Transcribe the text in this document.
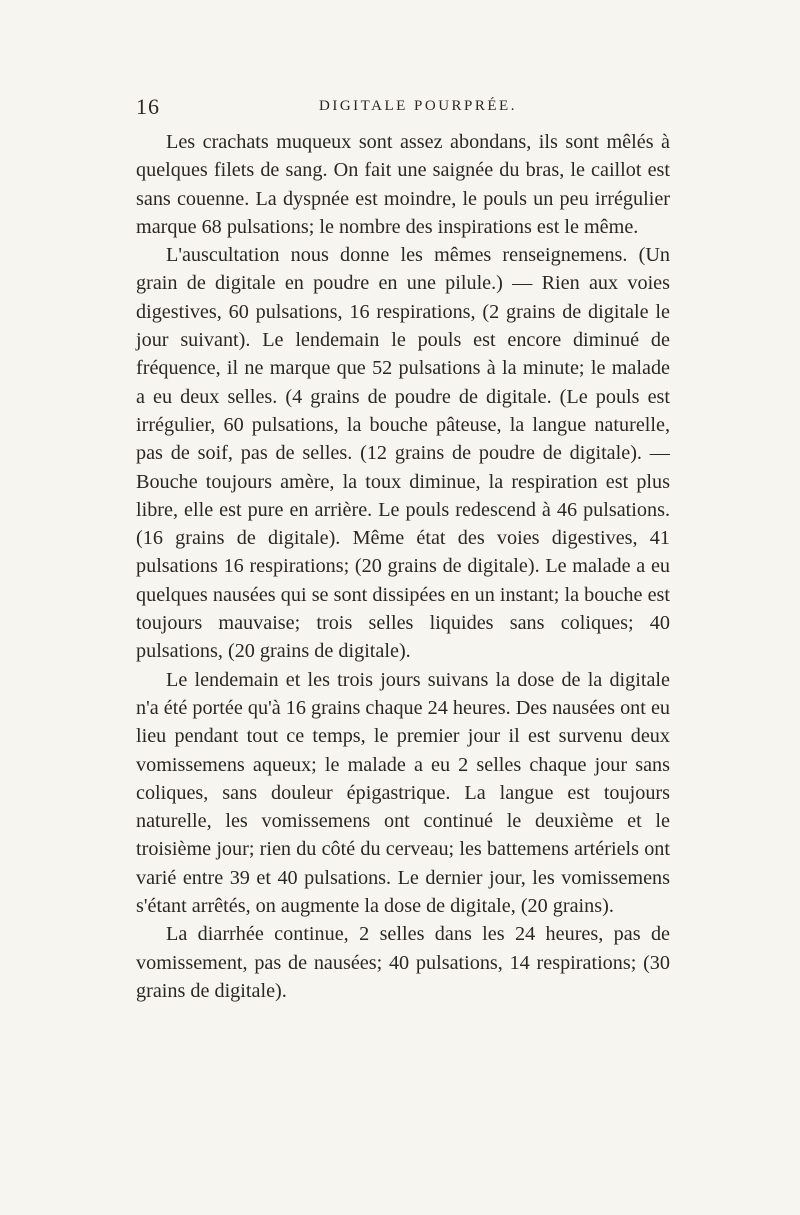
16	DIGITALE POURPRÉE.

Les crachats muqueux sont assez abondans, ils sont mêlés à quelques filets de sang. On fait une saignée du bras, le caillot est sans couenne. La dyspnée est moindre, le pouls un peu irrégulier marque 68 pulsations; le nombre des inspirations est le même.

L'auscultation nous donne les mêmes renseignemens. (Un grain de digitale en poudre en une pilule.) — Rien aux voies digestives, 60 pulsations, 16 respirations, (2 grains de digitale le jour suivant). Le lendemain le pouls est encore diminué de fréquence, il ne marque que 52 pulsations à la minute; le malade a eu deux selles. (4 grains de poudre de digitale. (Le pouls est irrégulier, 60 pulsations, la bouche pâteuse, la langue naturelle, pas de soif, pas de selles. (12 grains de poudre de digitale). — Bouche toujours amère, la toux diminue, la respiration est plus libre, elle est pure en arrière. Le pouls redescend à 46 pulsations. (16 grains de digitale). Même état des voies digestives, 41 pulsations 16 respirations; (20 grains de digitale). Le malade a eu quelques nausées qui se sont dissipées en un instant; la bouche est toujours mauvaise; trois selles liquides sans coliques; 40 pulsations, (20 grains de digitale).

Le lendemain et les trois jours suivans la dose de la digitale n'a été portée qu'à 16 grains chaque 24 heures. Des nausées ont eu lieu pendant tout ce temps, le premier jour il est survenu deux vomissemens aqueux; le malade a eu 2 selles chaque jour sans coliques, sans douleur épigastrique. La langue est toujours naturelle, les vomissemens ont continué le deuxième et le troisième jour; rien du côté du cerveau; les battemens artériels ont varié entre 39 et 40 pulsations. Le dernier jour, les vomissemens s'étant arrêtés, on augmente la dose de digitale, (20 grains).

La diarrhée continue, 2 selles dans les 24 heures, pas de vomissement, pas de nausées; 40 pulsations, 14 respirations; (30 grains de digitale).
